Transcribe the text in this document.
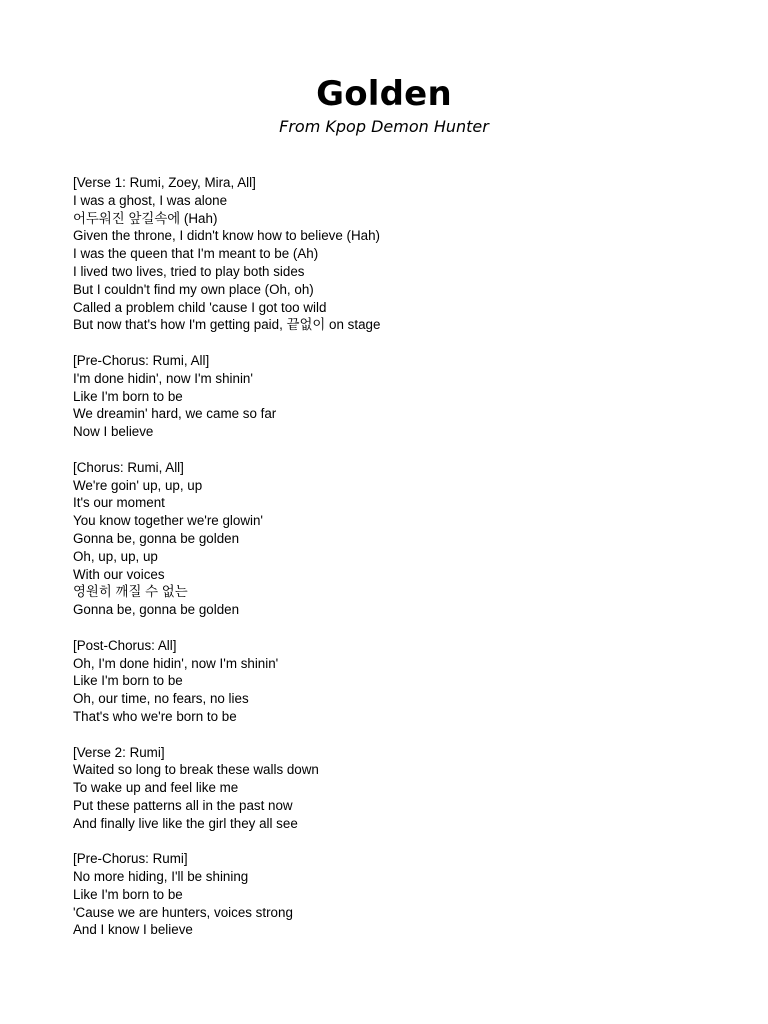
Golden
From Kpop Demon Hunter
[Verse 1: Rumi, Zoey, Mira, All]
I was a ghost, I was alone
어두워진 앞길속에 (Hah)
Given the throne, I didn't know how to believe (Hah)
I was the queen that I'm meant to be (Ah)
I lived two lives, tried to play both sides
But I couldn't find my own place (Oh, oh)
Called a problem child 'cause I got too wild
But now that's how I'm getting paid, 끝없이 on stage
[Pre-Chorus: Rumi, All]
I'm done hidin', now I'm shinin'
Like I'm born to be
We dreamin' hard, we came so far
Now I believe
[Chorus: Rumi, All]
We're goin' up, up, up
It's our moment
You know together we're glowin'
Gonna be, gonna be golden
Oh, up, up, up
With our voices
영원히 깨질 수 없는
Gonna be, gonna be golden
[Post-Chorus: All]
Oh, I'm done hidin', now I'm shinin'
Like I'm born to be
Oh, our time, no fears, no lies
That's who we're born to be
[Verse 2: Rumi]
Waited so long to break these walls down
To wake up and feel like me
Put these patterns all in the past now
And finally live like the girl they all see
[Pre-Chorus: Rumi]
No more hiding, I'll be shining
Like I'm born to be
'Cause we are hunters, voices strong
And I know I believe
